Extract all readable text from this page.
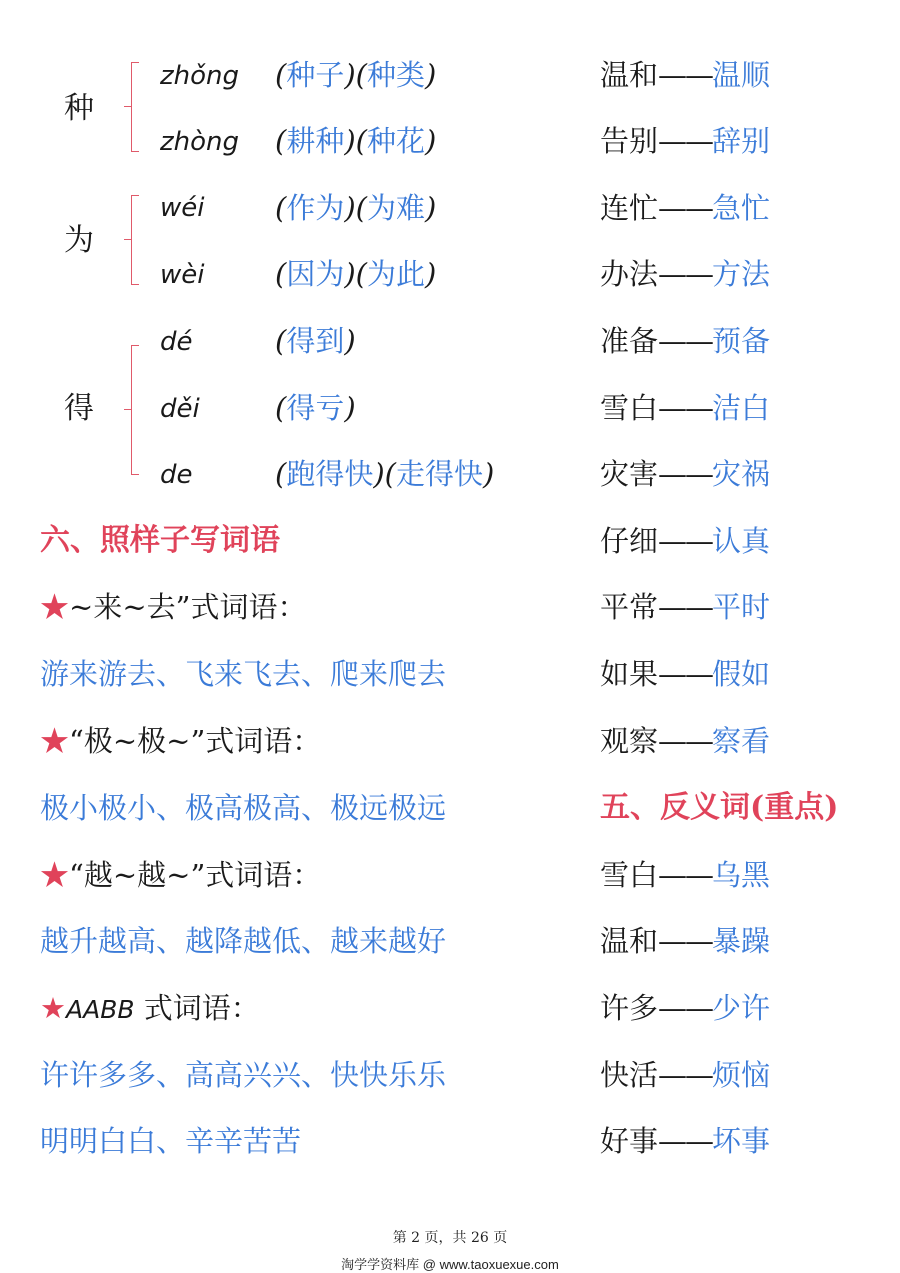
种
zhǒng (种子)(种类)
zhòng (耕种)(种花)
为
wéi (作为)(为难)
wèi (因为)(为此)
得
dé	(得到)
děi	(得亏)
de	(跑得快)(走得快)
六、照样子写词语
★~来~去”式词语：
游来游去、飞来飞去、爬来爬去
★“极~极~”式词语：
极小极小、极高极高、极远极远
★“越~越~”式词语：
越升越高、越降越低、越来越好
★AABB 式词语：
许许多多、高高兴兴、快快乐乐
明明白白、辛辛苦苦
温和——温顺
告别——辞别
连忙——急忙
办法——方法
准备——预备
雪白——洁白
灾害——灾祸
仔细——认真
平常——平时
如果——假如
观察——察看
五、反义词(重点)
雪白——乌黑
温和——暴躁
许多——少许
快活——烦恼
好事——坏事
第 2 页，共 26 页
淘学学资料库 @ www.taoxuexue.com
